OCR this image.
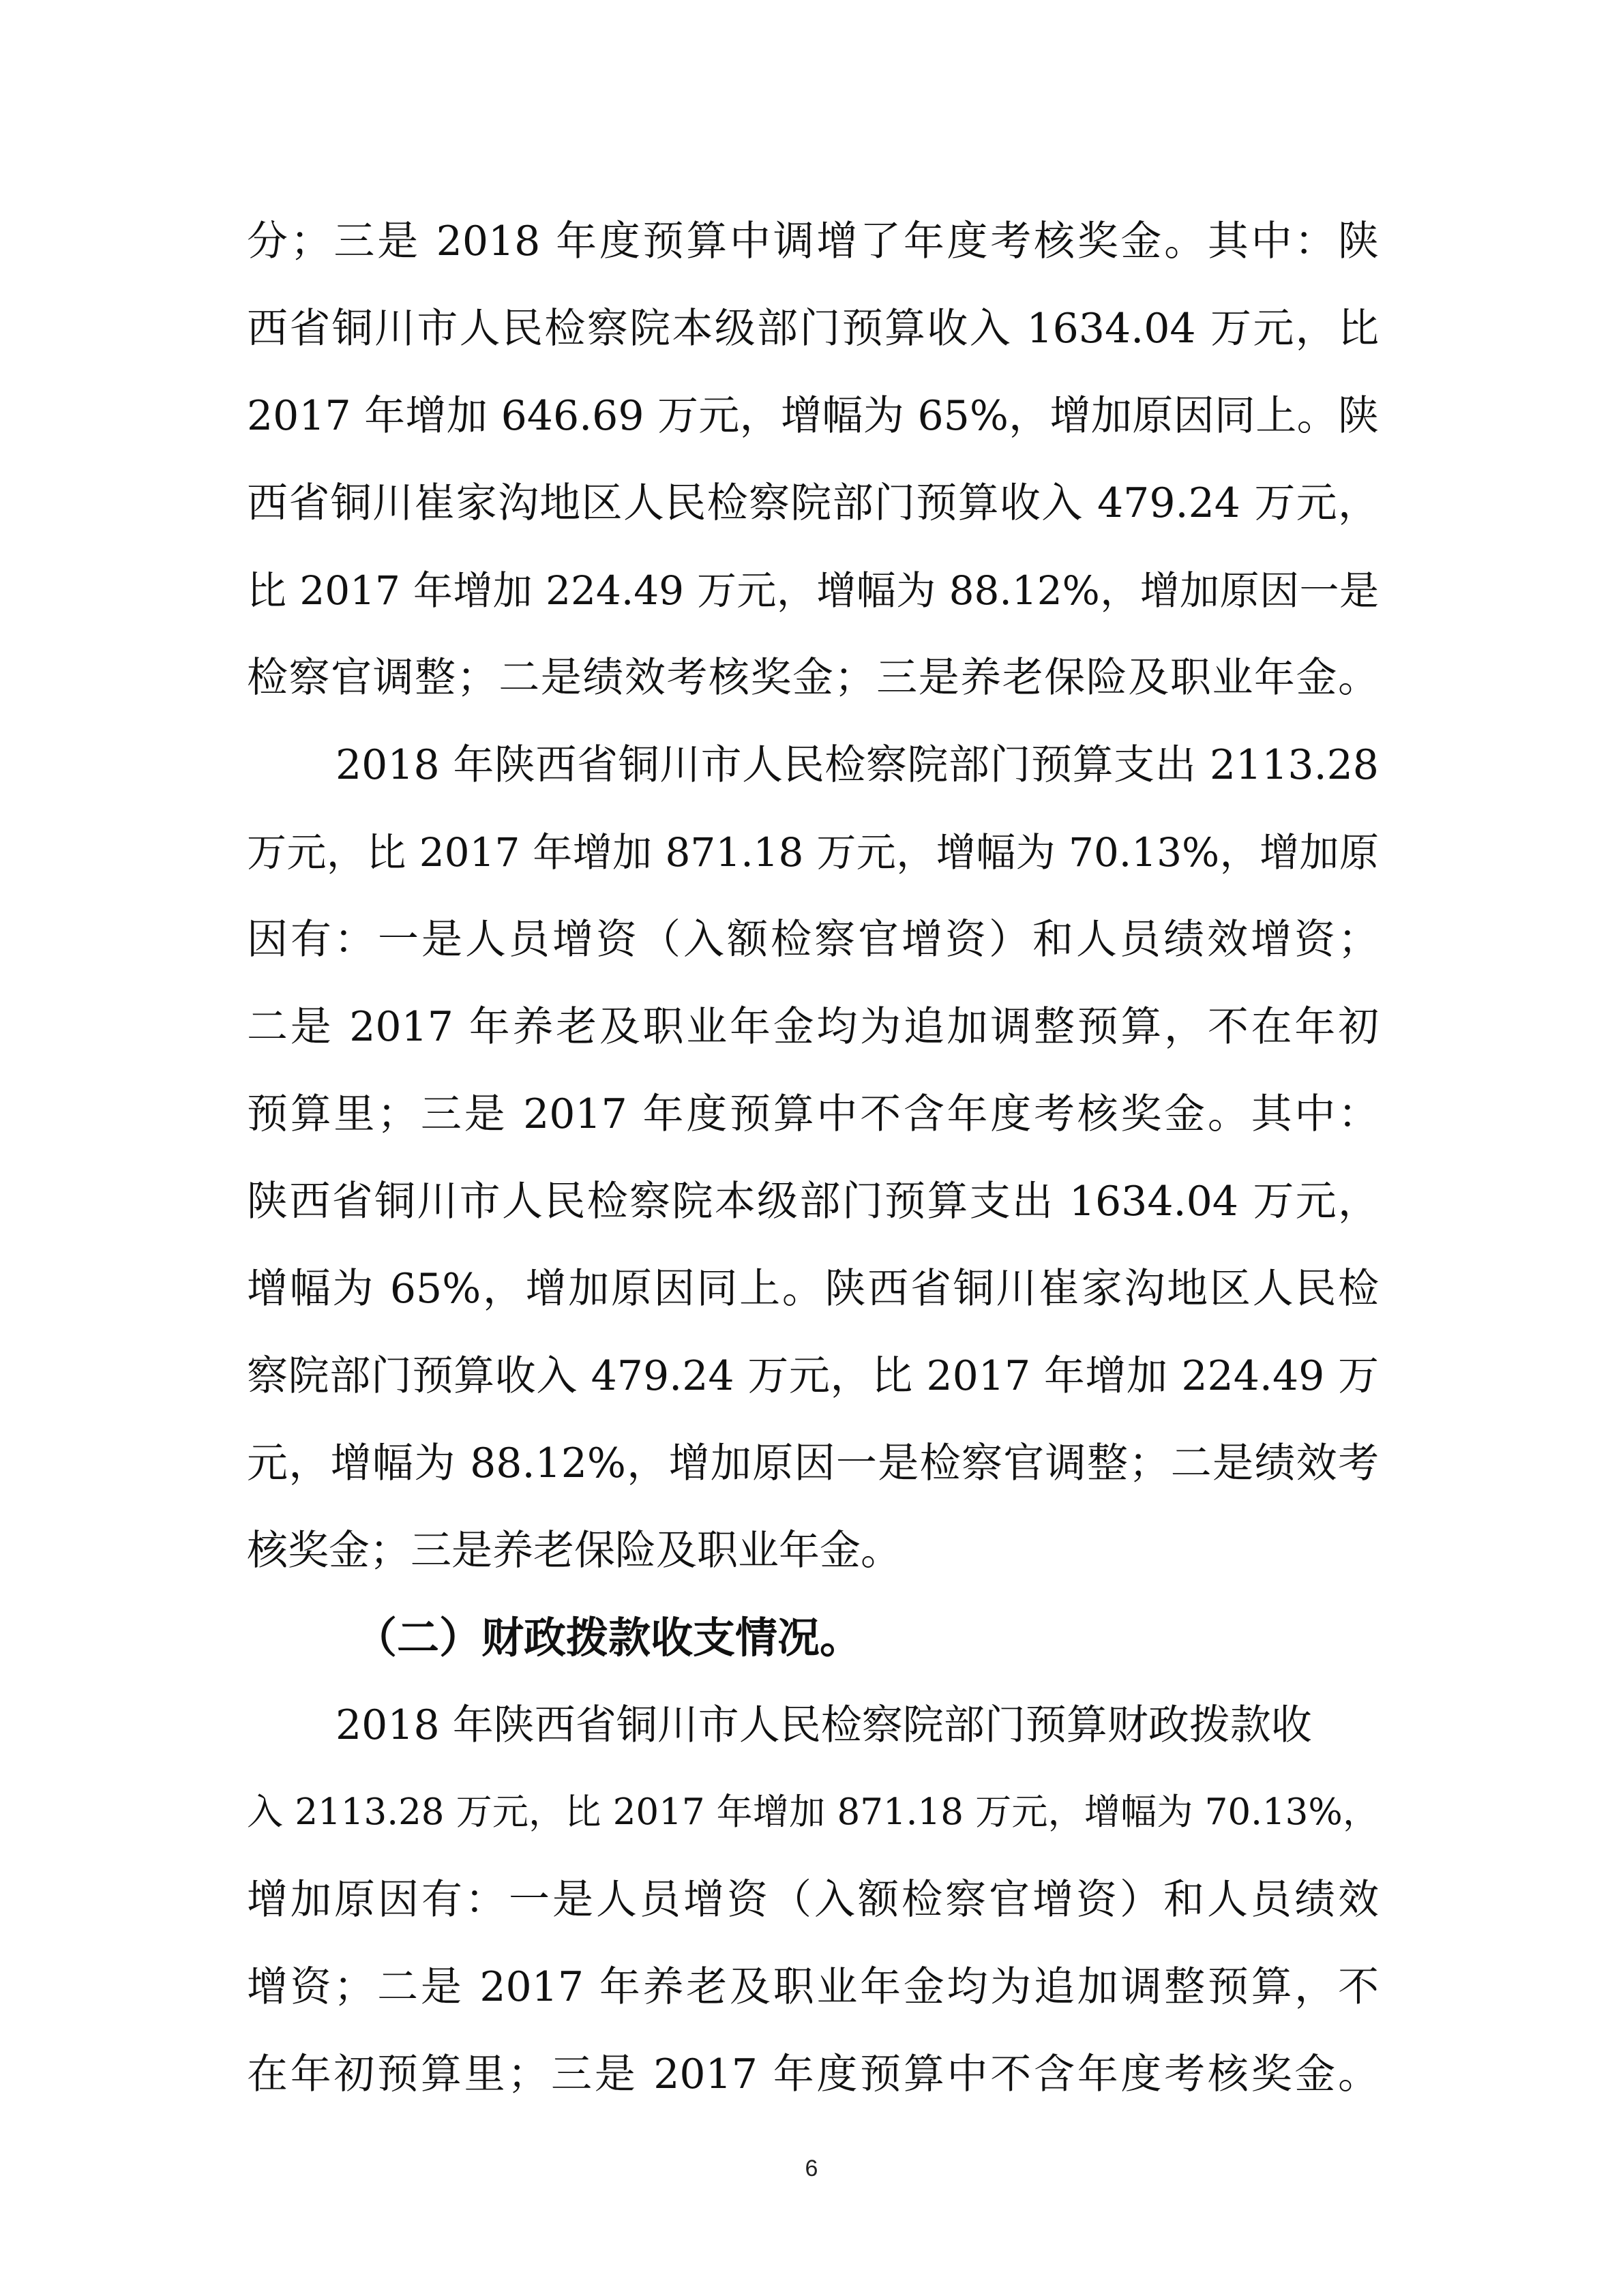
分；三是 2018 年度预算中调增了年度考核奖金。其中：陕
西省铜川市人民检察院本级部门预算收入 1634.04 万元，比
2017 年增加 646.69 万元，增幅为 65%，增加原因同上。陕
西省铜川崔家沟地区人民检察院部门预算收入 479.24 万元，
比 2017 年增加 224.49 万元，增幅为 88.12%，增加原因一是
检察官调整；二是绩效考核奖金；三是养老保险及职业年金。
2018 年陕西省铜川市人民检察院部门预算支出 2113.28
万元，比 2017 年增加 871.18 万元，增幅为 70.13%，增加原
因有：一是人员增资（入额检察官增资）和人员绩效增资；
二是 2017 年养老及职业年金均为追加调整预算，不在年初
预算里；三是 2017 年度预算中不含年度考核奖金。其中：
陕西省铜川市人民检察院本级部门预算支出 1634.04 万元，
增幅为 65%，增加原因同上。陕西省铜川崔家沟地区人民检
察院部门预算收入 479.24 万元，比 2017 年增加 224.49 万
元，增幅为 88.12%，增加原因一是检察官调整；二是绩效考
核奖金；三是养老保险及职业年金。
（二）财政拨款收支情况。
2018 年陕西省铜川市人民检察院部门预算财政拨款收
入 2113.28 万元，比 2017 年增加 871.18 万元，增幅为 70.13%，
增加原因有：一是人员增资（入额检察官增资）和人员绩效
增资；二是 2017 年养老及职业年金均为追加调整预算，不
在年初预算里；三是 2017 年度预算中不含年度考核奖金。
6
